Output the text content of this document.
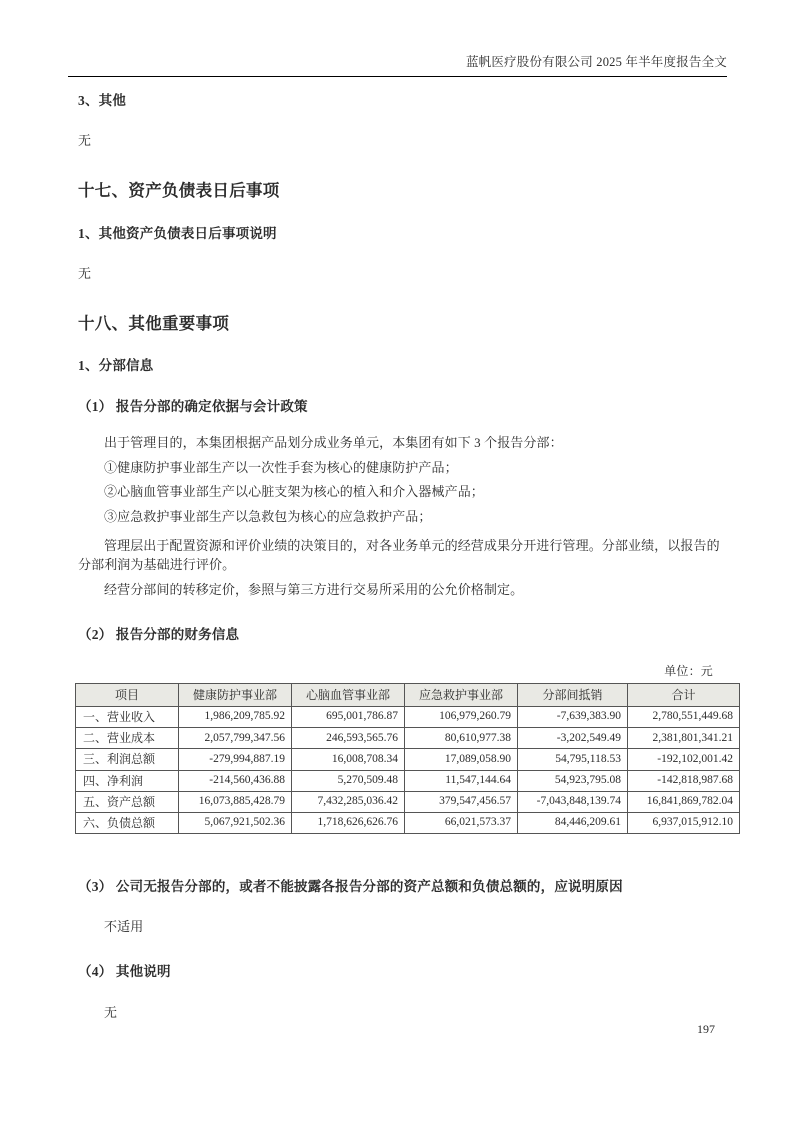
蓝帆医疗股份有限公司 2025 年半年度报告全文
3、其他
无
十七、资产负债表日后事项
1、其他资产负债表日后事项说明
无
十八、其他重要事项
1、分部信息
（1） 报告分部的确定依据与会计政策
出于管理目的，本集团根据产品划分成业务单元，本集团有如下 3 个报告分部：
①健康防护事业部生产以一次性手套为核心的健康防护产品；
②心脑血管事业部生产以心脏支架为核心的植入和介入器械产品；
③应急救护事业部生产以急救包为核心的应急救护产品；
管理层出于配置资源和评价业绩的决策目的，对各业务单元的经营成果分开进行管理。分部业绩，以报告的分部利润为基础进行评价。
经营分部间的转移定价，参照与第三方进行交易所采用的公允价格制定。
（2） 报告分部的财务信息
单位：元
项目	健康防护事业部	心脑血管事业部	应急救护事业部	分部间抵销	合计
一、营业收入	1,986,209,785.92	695,001,786.87	106,979,260.79	-7,639,383.90	2,780,551,449.68
二、营业成本	2,057,799,347.56	246,593,565.76	80,610,977.38	-3,202,549.49	2,381,801,341.21
三、利润总额	-279,994,887.19	16,008,708.34	17,089,058.90	54,795,118.53	-192,102,001.42
四、净利润	-214,560,436.88	5,270,509.48	11,547,144.64	54,923,795.08	-142,818,987.68
五、资产总额	16,073,885,428.79	7,432,285,036.42	379,547,456.57	-7,043,848,139.74	16,841,869,782.04
六、负债总额	5,067,921,502.36	1,718,626,626.76	66,021,573.37	84,446,209.61	6,937,015,912.10
（3） 公司无报告分部的，或者不能披露各报告分部的资产总额和负债总额的，应说明原因
不适用
（4） 其他说明
无
197
